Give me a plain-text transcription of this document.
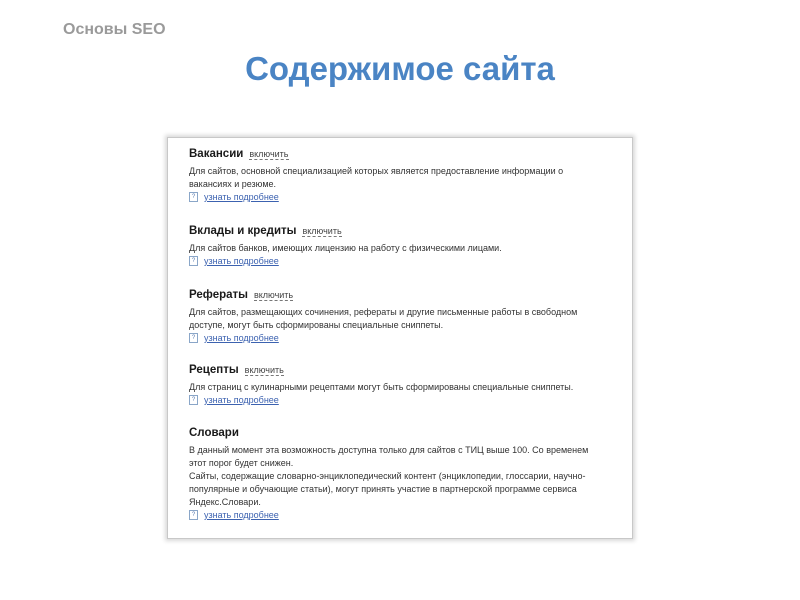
Основы SEO

Содержимое сайта
Вакансии включить

Для сайтов, основной специализацией которых является предоставление информации о

вакансиях и резюме.

? узнать подробнее
Вклады и кредиты включить

Для сайтов банков, имеющих лицензию на работу с физическими лицами.

? узнать подробнее
Рефераты включить

Для сайтов, размещающих сочинения, рефераты и другие письменные работы в свободном

доступе, могут быть сформированы специальные сниппеты.

? узнать подробнее
Рецепты включить

Для страниц с кулинарными рецептами могут быть сформированы специальные сниппеты.

? узнать подробнее
Словари

В данный момент эта возможность доступна только для сайтов с ТИЦ выше 100. Со временем

этот порог будет снижен.

Сайты, содержащие словарно-энциклопедический контент (энциклопедии, глоссарии, научно-

популярные и обучающие статьи), могут принять участие в партнерской программе сервиса

Яндекс.Словари.

? узнать подробнее
